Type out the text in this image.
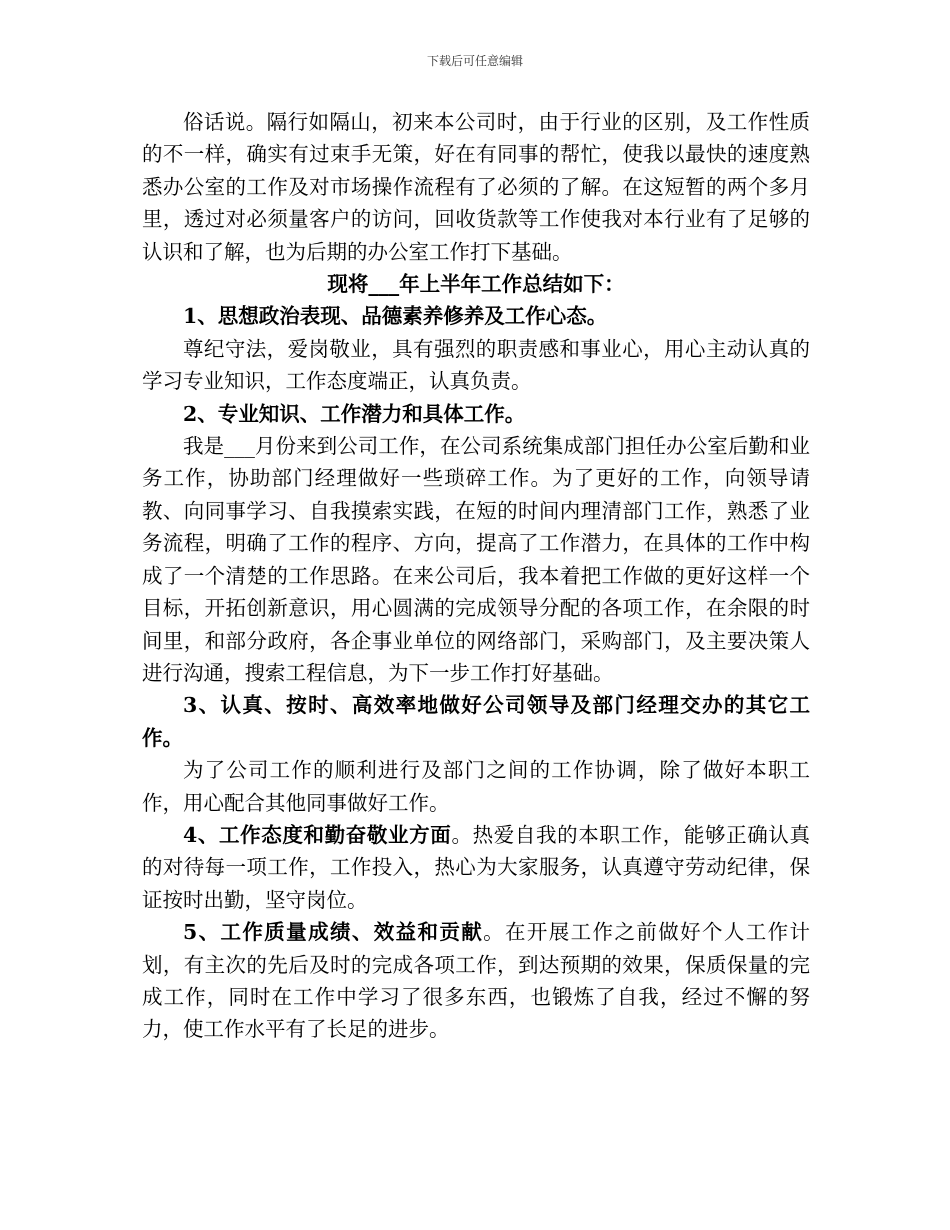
下载后可任意编辑

俗话说。隔行如隔山，初来本公司时，由于行业的区别，及工作性质的不一样，确实有过束手无策，好在有同事的帮忙，使我以最快的速度熟悉办公室的工作及对市场操作流程有了必须的了解。在这短暂的两个多月里，透过对必须量客户的访问，回收货款等工作使我对本行业有了足够的认识和了解，也为后期的办公室工作打下基础。

现将___年上半年工作总结如下：

1、思想政治表现、品德素养修养及工作心态。

尊纪守法，爱岗敬业，具有强烈的职责感和事业心，用心主动认真的学习专业知识，工作态度端正，认真负责。

2、专业知识、工作潜力和具体工作。

我是___月份来到公司工作，在公司系统集成部门担任办公室后勤和业务工作，协助部门经理做好一些琐碎工作。为了更好的工作，向领导请教、向同事学习、自我摸索实践，在短的时间内理清部门工作，熟悉了业务流程，明确了工作的程序、方向，提高了工作潜力，在具体的工作中构成了一个清楚的工作思路。在来公司后，我本着把工作做的更好这样一个目标，开拓创新意识，用心圆满的完成领导分配的各项工作，在余限的时间里，和部分政府，各企事业单位的网络部门，采购部门，及主要决策人进行沟通，搜索工程信息，为下一步工作打好基础。

3、认真、按时、高效率地做好公司领导及部门经理交办的其它工作。

为了公司工作的顺利进行及部门之间的工作协调，除了做好本职工作，用心配合其他同事做好工作。

4、工作态度和勤奋敬业方面。热爱自我的本职工作，能够正确认真的对待每一项工作，工作投入，热心为大家服务，认真遵守劳动纪律，保证按时出勤，坚守岗位。

5、工作质量成绩、效益和贡献。在开展工作之前做好个人工作计划，有主次的先后及时的完成各项工作，到达预期的效果，保质保量的完成工作，同时在工作中学习了很多东西，也锻炼了自我，经过不懈的努力，使工作水平有了长足的进步。
